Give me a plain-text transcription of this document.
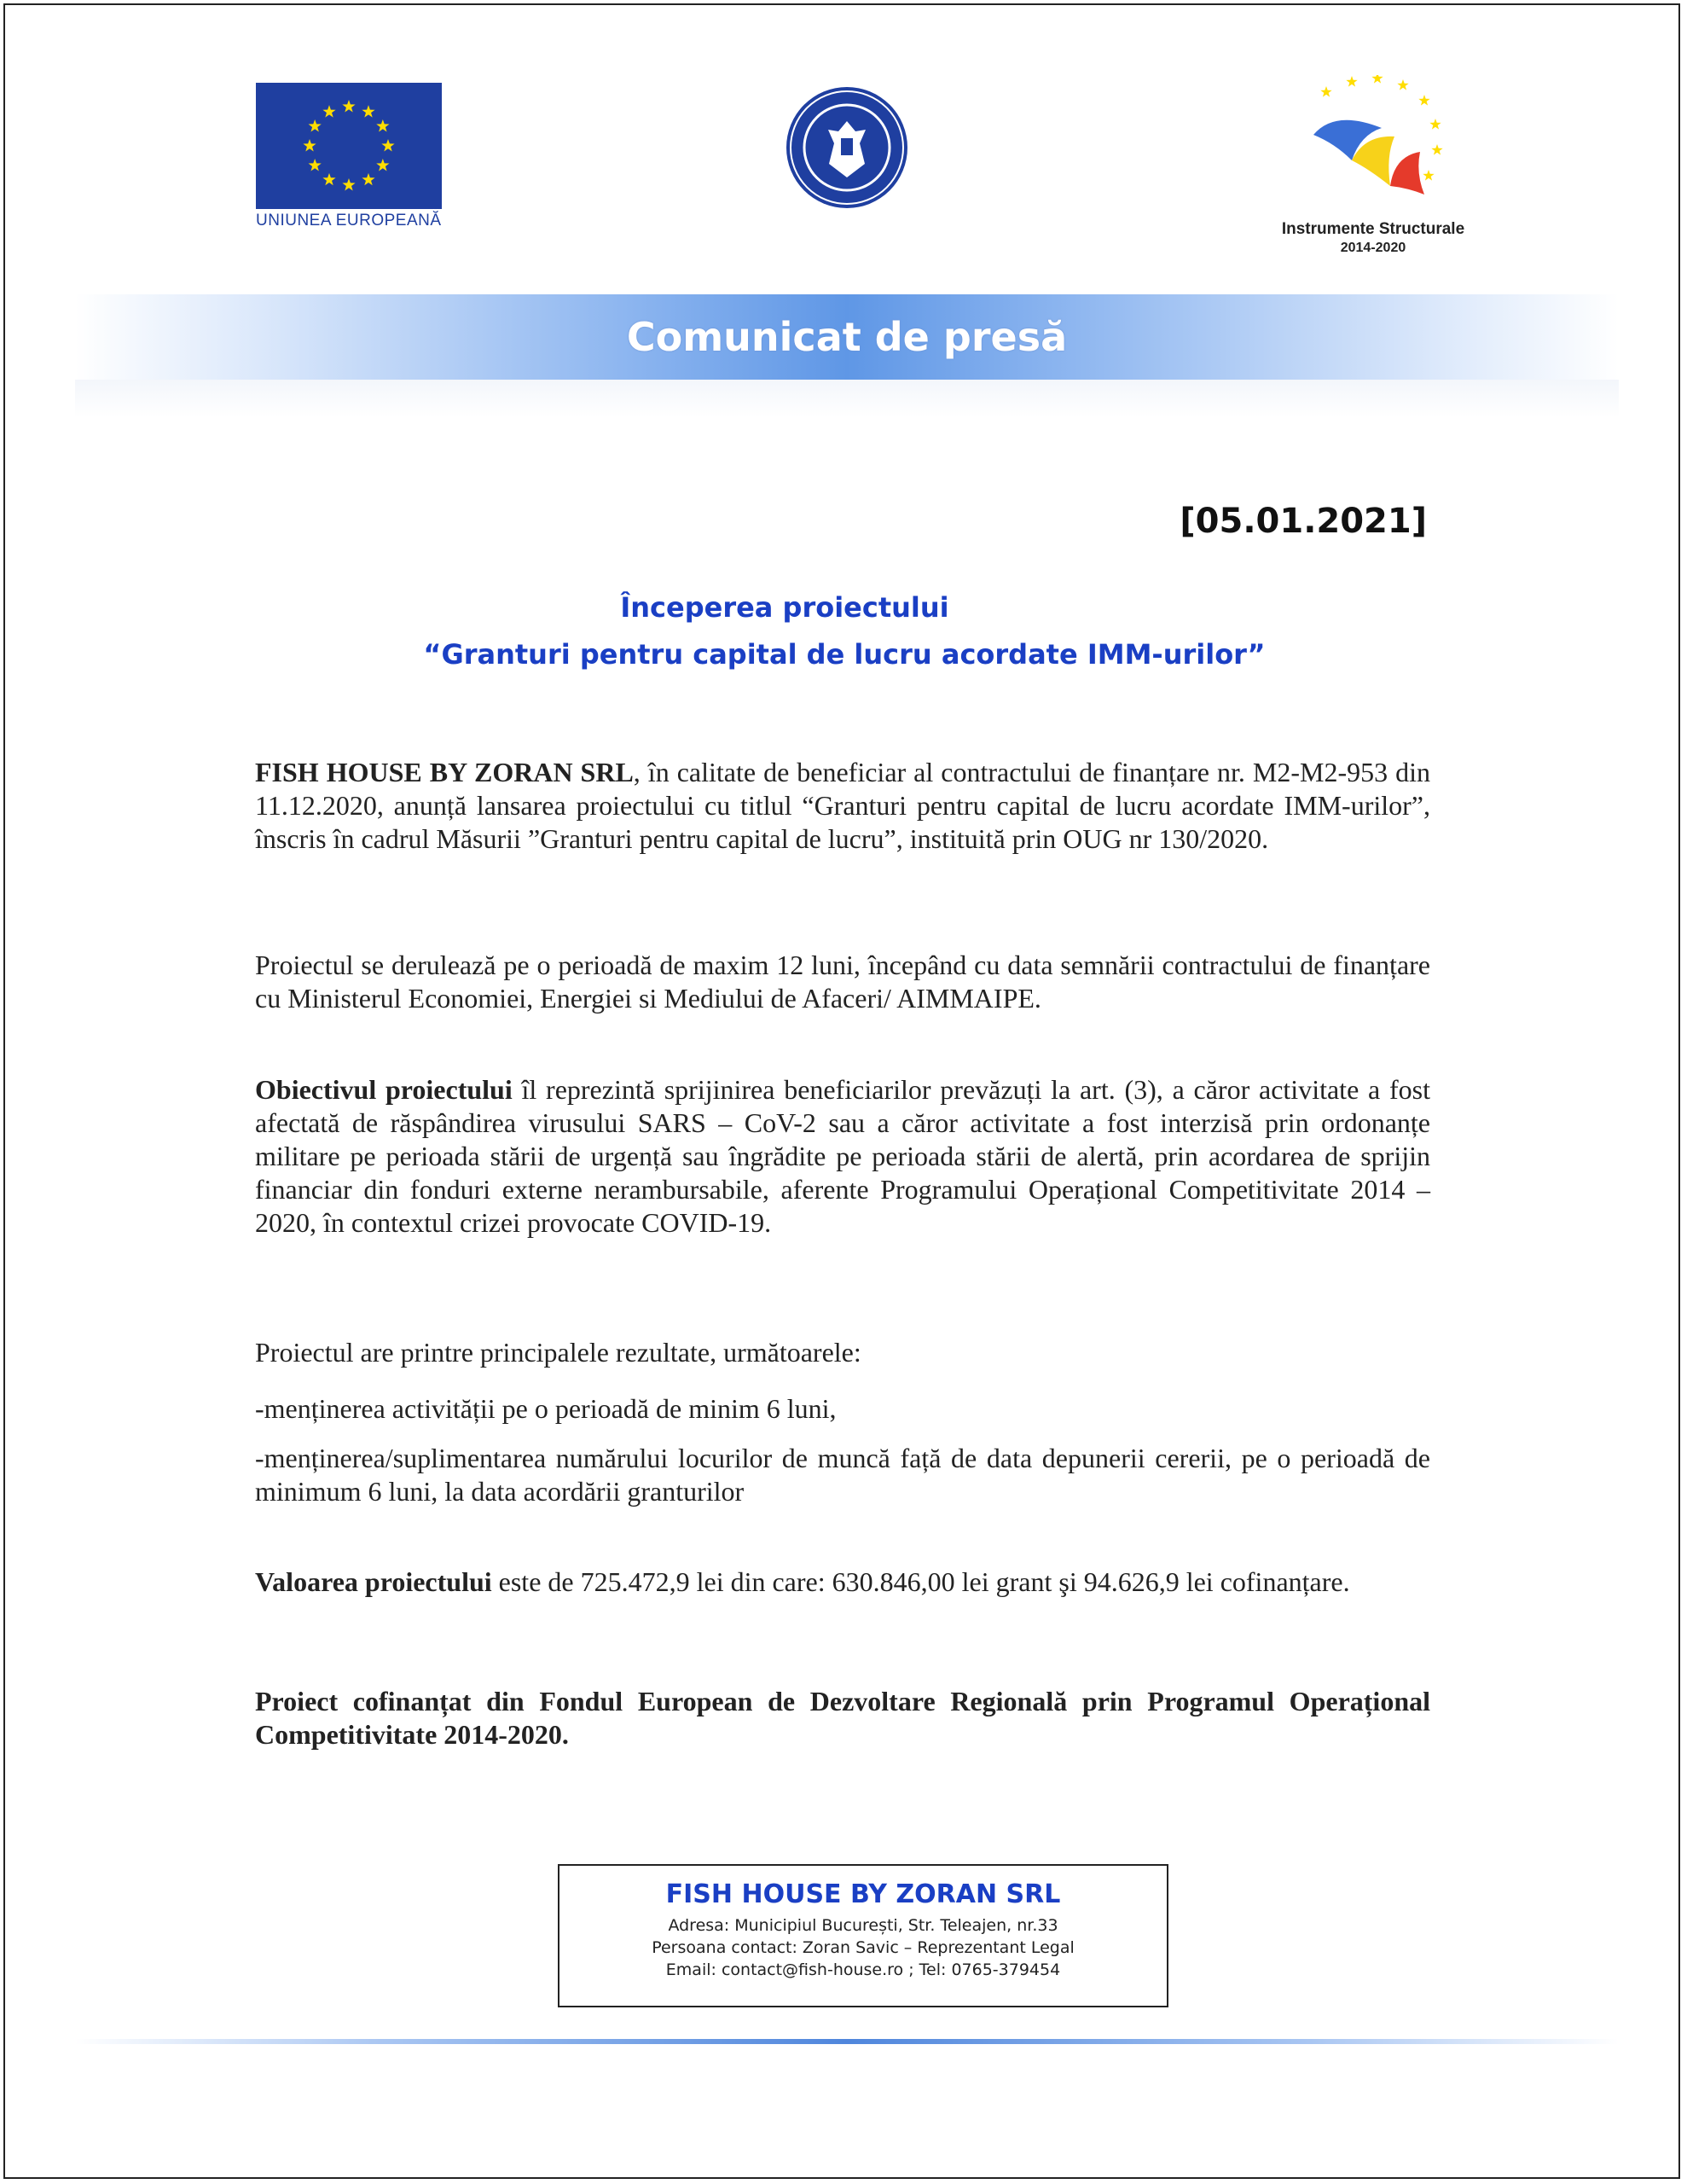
UNIUNEA EUROPEANĂ	Instrumente Structurale
2014-2020
Comunicat de presă
[05.01.2021]
Începerea proiectului
“Granturi pentru capital de lucru acordate IMM-urilor”
FISH HOUSE BY ZORAN SRL, în calitate de beneficiar al contractului de finanțare nr. M2-M2-953 din 11.12.2020, anunță lansarea proiectului cu titlul “Granturi pentru capital de lucru acordate IMM-urilor”, înscris în cadrul Măsurii ”Granturi pentru capital de lucru”, instituită prin OUG nr 130/2020.
Proiectul se derulează pe o perioadă de maxim 12 luni, începând cu data semnării contractului de finanțare cu Ministerul Economiei, Energiei si Mediului de Afaceri/ AIMMAIPE.
Obiectivul proiectului îl reprezintă sprijinirea beneficiarilor prevăzuți la art. (3), a căror activitate a fost afectată de răspândirea virusului SARS – CoV-2 sau a căror activitate a fost interzisă prin ordonanțe militare pe perioada stării de urgență sau îngrădite pe perioada stării de alertă, prin acordarea de sprijin financiar din fonduri externe nerambursabile, aferente Programului Operațional Competitivitate 2014 – 2020, în contextul crizei provocate COVID-19.
Proiectul are printre principalele rezultate, următoarele:
-menținerea activității pe o perioadă de minim 6 luni,
-menținerea/suplimentarea numărului locurilor de muncă față de data depunerii cererii, pe o perioadă de minimum 6 luni, la data acordării granturilor
Valoarea proiectului este de 725.472,9 lei din care: 630.846,00 lei grant şi 94.626,9 lei cofinanțare.
Proiect cofinanțat din Fondul European de Dezvoltare Regională prin Programul Operațional Competitivitate 2014-2020.
FISH HOUSE BY ZORAN SRL
Adresa: Municipiul București, Str. Teleajen, nr.33
Persoana contact: Zoran Savic – Reprezentant Legal
Email: contact@fish-house.ro ; Tel: 0765-379454
